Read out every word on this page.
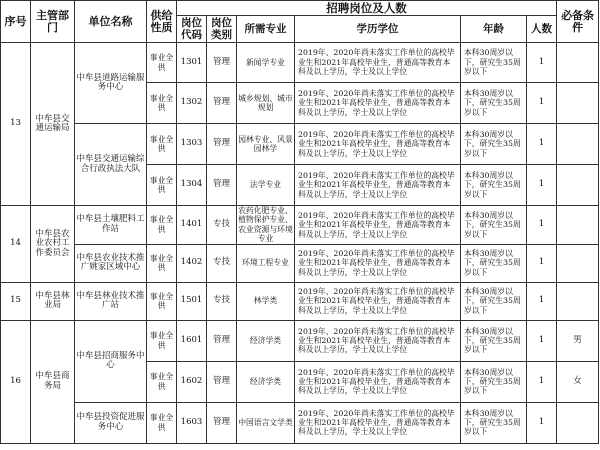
序号	主管部门	单位名称	供给性质	招聘岗位及人数						必备条件
				岗位代码	岗位类别	所需专业	学历学位	年龄	人数	
13	中牟县交通运输局	中牟县道路运输服务中心	事业全供	1301	管理	新闻学专业	2019年、2020年尚未落实工作单位的高校毕业生和2021年高校毕业生，普通高等教育本科及以上学历，学士及以上学位	本科30周岁以下，研究生35周岁以下	1	
			事业全供	1302	管理	城乡规划、城市规划	2019年、2020年尚未落实工作单位的高校毕业生和2021年高校毕业生，普通高等教育本科及以上学历，学士及以上学位	本科30周岁以下，研究生35周岁以下	1	
		中牟县交通运输综合行政执法大队	事业全供	1303	管理	园林专业、风景园林学	2019年、2020年尚未落实工作单位的高校毕业生和2021年高校毕业生，普通高等教育本科及以上学历，学士及以上学位	本科30周岁以下，研究生35周岁以下	1	
			事业全供	1304	管理	法学专业	2019年、2020年尚未落实工作单位的高校毕业生和2021年高校毕业生，普通高等教育本科及以上学历，学士及以上学位	本科30周岁以下，研究生35周岁以下	1	
14	中牟县农业农村工作委员会	中牟县土壤肥料工作站	事业全供	1401	专技	农药化肥专业、植物保护专业、农业资源与环境专业	2019年、2020年尚未落实工作单位的高校毕业生和2021年高校毕业生，普通高等教育本科及以上学历，学士及以上学位	本科30周岁以下，研究生35周岁以下	1	
		中牟县农业技术推广姚家区域中心	事业全供	1402	专技	环境工程专业	2019年、2020年尚未落实工作单位的高校毕业生和2021年高校毕业生，普通高等教育本科及以上学历，学士及以上学位	本科30周岁以下，研究生35周岁以下	1	
15	中牟县林业局	中牟县林业技术推广站	事业全供	1501	专技	林学类	2019年、2020年尚未落实工作单位的高校毕业生和2021年高校毕业生，普通高等教育本科及以上学历，学士及以上学位	本科30周岁以下，研究生35周岁以下	1	
16	中牟县商务局	中牟县招商服务中心	事业全供	1601	管理	经济学类	2019年、2020年尚未落实工作单位的高校毕业生和2021年高校毕业生，普通高等教育本科及以上学历，学士及以上学位	本科30周岁以下，研究生35周岁以下	1	男
			事业全供	1602	管理	经济学类	2019年、2020年尚未落实工作单位的高校毕业生和2021年高校毕业生，普通高等教育本科及以上学历，学士及以上学位	本科30周岁以下，研究生35周岁以下	1	女
		中牟县投资促进服务中心	事业全供	1603	管理	中国语言文学类	2019年、2020年尚未落实工作单位的高校毕业生和2021年高校毕业生，普通高等教育本科及以上学历，学士及以上学位	本科30周岁以下，研究生35周岁以下	1	
